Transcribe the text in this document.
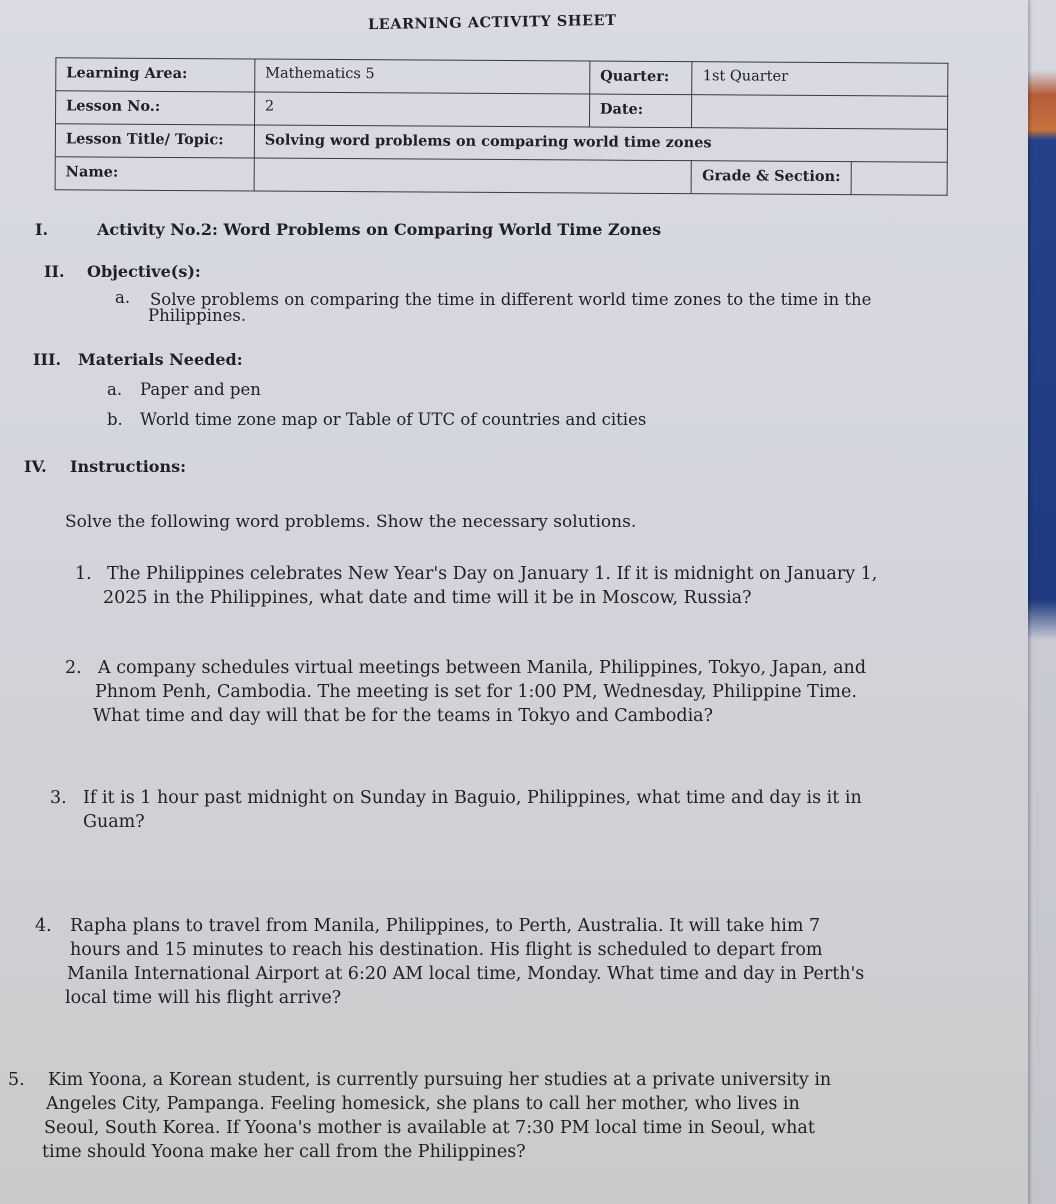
LEARNING ACTIVITY SHEET
Learning Area:	Mathematics 5	Quarter:	1st Quarter	
Lesson No.:	2	Date:		
Lesson Title/ Topic:	Solving word problems on comparing world time zones			
Name:			Grade & Section:	
I.	Activity No.2: Word Problems on Comparing World Time Zones
II. Objective(s):
a. Solve problems on comparing the time in different world time zones to the time in the
Philippines.
III. Materials Needed:
a. Paper and pen
b. World time zone map or Table of UTC of countries and cities
IV. Instructions:
Solve the following word problems. Show the necessary solutions.
1. The Philippines celebrates New Year's Day on January 1. If it is midnight on January 1,
2025 in the Philippines, what date and time will it be in Moscow, Russia?
2. A company schedules virtual meetings between Manila, Philippines, Tokyo, Japan, and
Phnom Penh, Cambodia. The meeting is set for 1:00 PM, Wednesday, Philippine Time.
What time and day will that be for the teams in Tokyo and Cambodia?
3. If it is 1 hour past midnight on Sunday in Baguio, Philippines, what time and day is it in
Guam?
4.	Rapha plans to travel from Manila, Philippines, to Perth, Australia. It will take him 7
hours and 15 minutes to reach his destination. His flight is scheduled to depart from
Manila International Airport at 6:20 AM local time, Monday. What time and day in Perth's
local time will his flight arrive?
5.	Kim Yoona, a Korean student, is currently pursuing her studies at a private university in
Angeles City, Pampanga. Feeling homesick, she plans to call her mother, who lives in
Seoul, South Korea. If Yoona's mother is available at 7:30 PM local time in Seoul, what
time should Yoona make her call from the Philippines?
